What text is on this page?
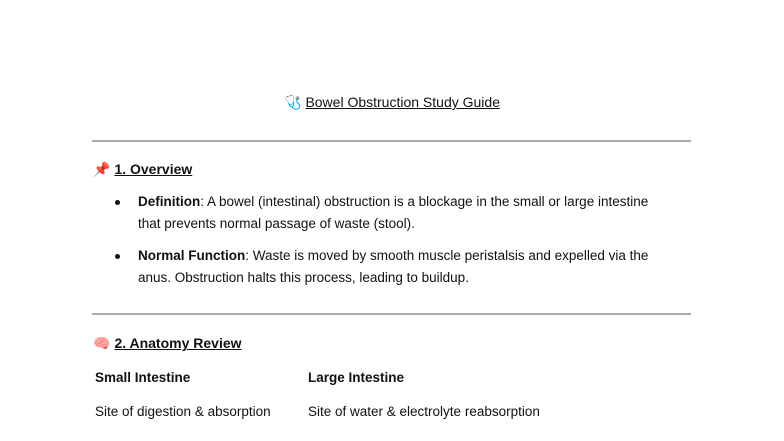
🩺 Bowel Obstruction Study Guide
📌 1. Overview
Definition: A bowel (intestinal) obstruction is a blockage in the small or large intestine that prevents normal passage of waste (stool).
Normal Function: Waste is moved by smooth muscle peristalsis and expelled via the anus. Obstruction halts this process, leading to buildup.
🧠 2. Anatomy Review
Small Intestine	Large Intestine
Site of digestion & absorption	Site of water & electrolyte reabsorption
